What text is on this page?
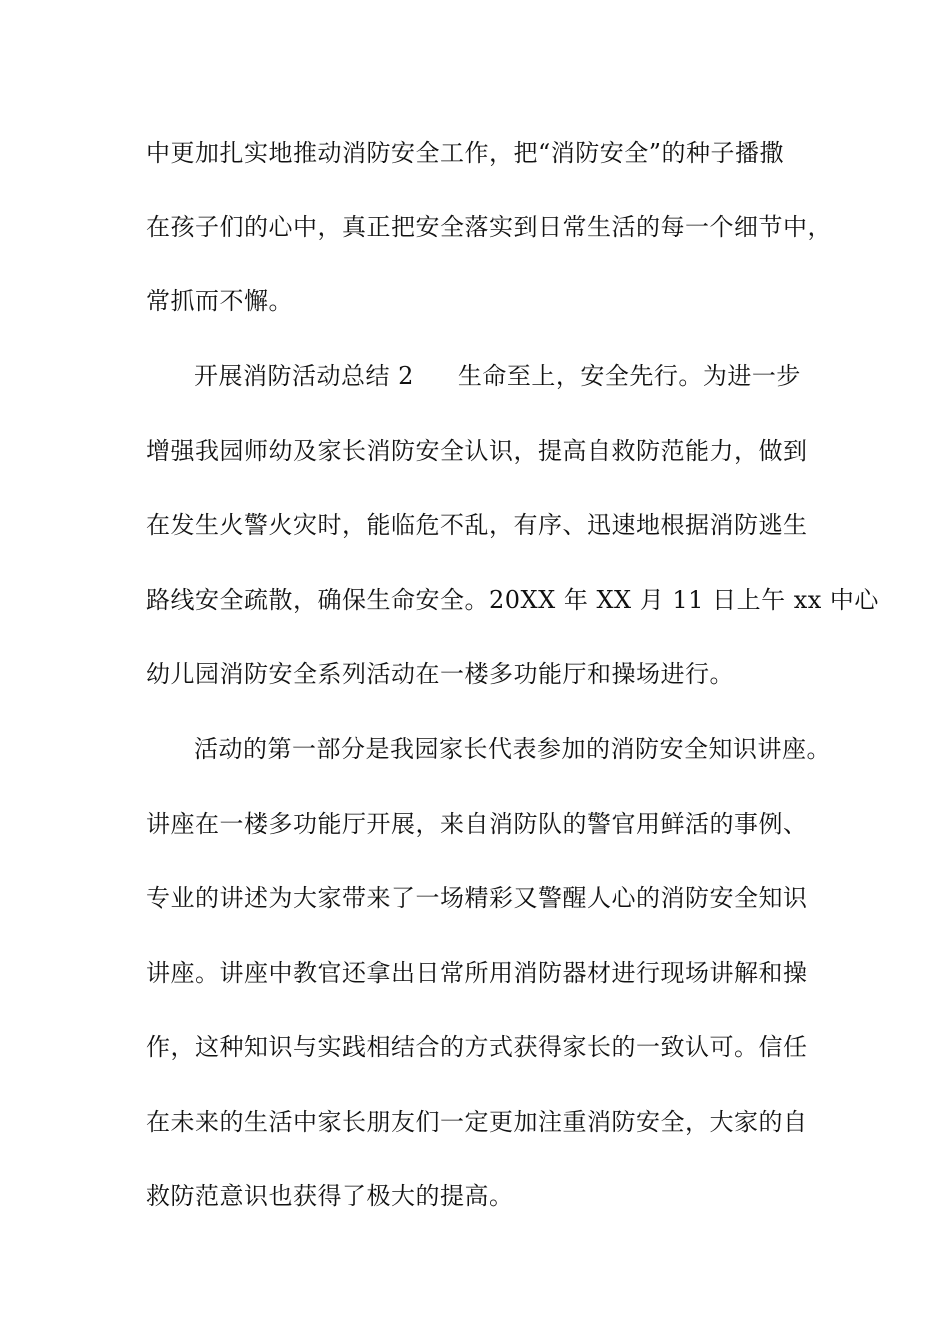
中更加扎实地推动消防安全工作，把“消防安全”的种子播撒
在孩子们的心中，真正把安全落实到日常生活的每一个细节中，
常抓而不懈。
开展消防活动总结 2 生命至上，安全先行。为进一步
增强我园师幼及家长消防安全认识，提高自救防范能力，做到
在发生火警火灾时，能临危不乱，有序、迅速地根据消防逃生
路线安全疏散，确保生命安全。20XX 年 XX 月 11 日上午 xx 中心
幼儿园消防安全系列活动在一楼多功能厅和操场进行。
活动的第一部分是我园家长代表参加的消防安全知识讲座。
讲座在一楼多功能厅开展，来自消防队的警官用鲜活的事例、
专业的讲述为大家带来了一场精彩又警醒人心的消防安全知识
讲座。讲座中教官还拿出日常所用消防器材进行现场讲解和操
作，这种知识与实践相结合的方式获得家长的一致认可。信任
在未来的生活中家长朋友们一定更加注重消防安全，大家的自
救防范意识也获得了极大的提高。
